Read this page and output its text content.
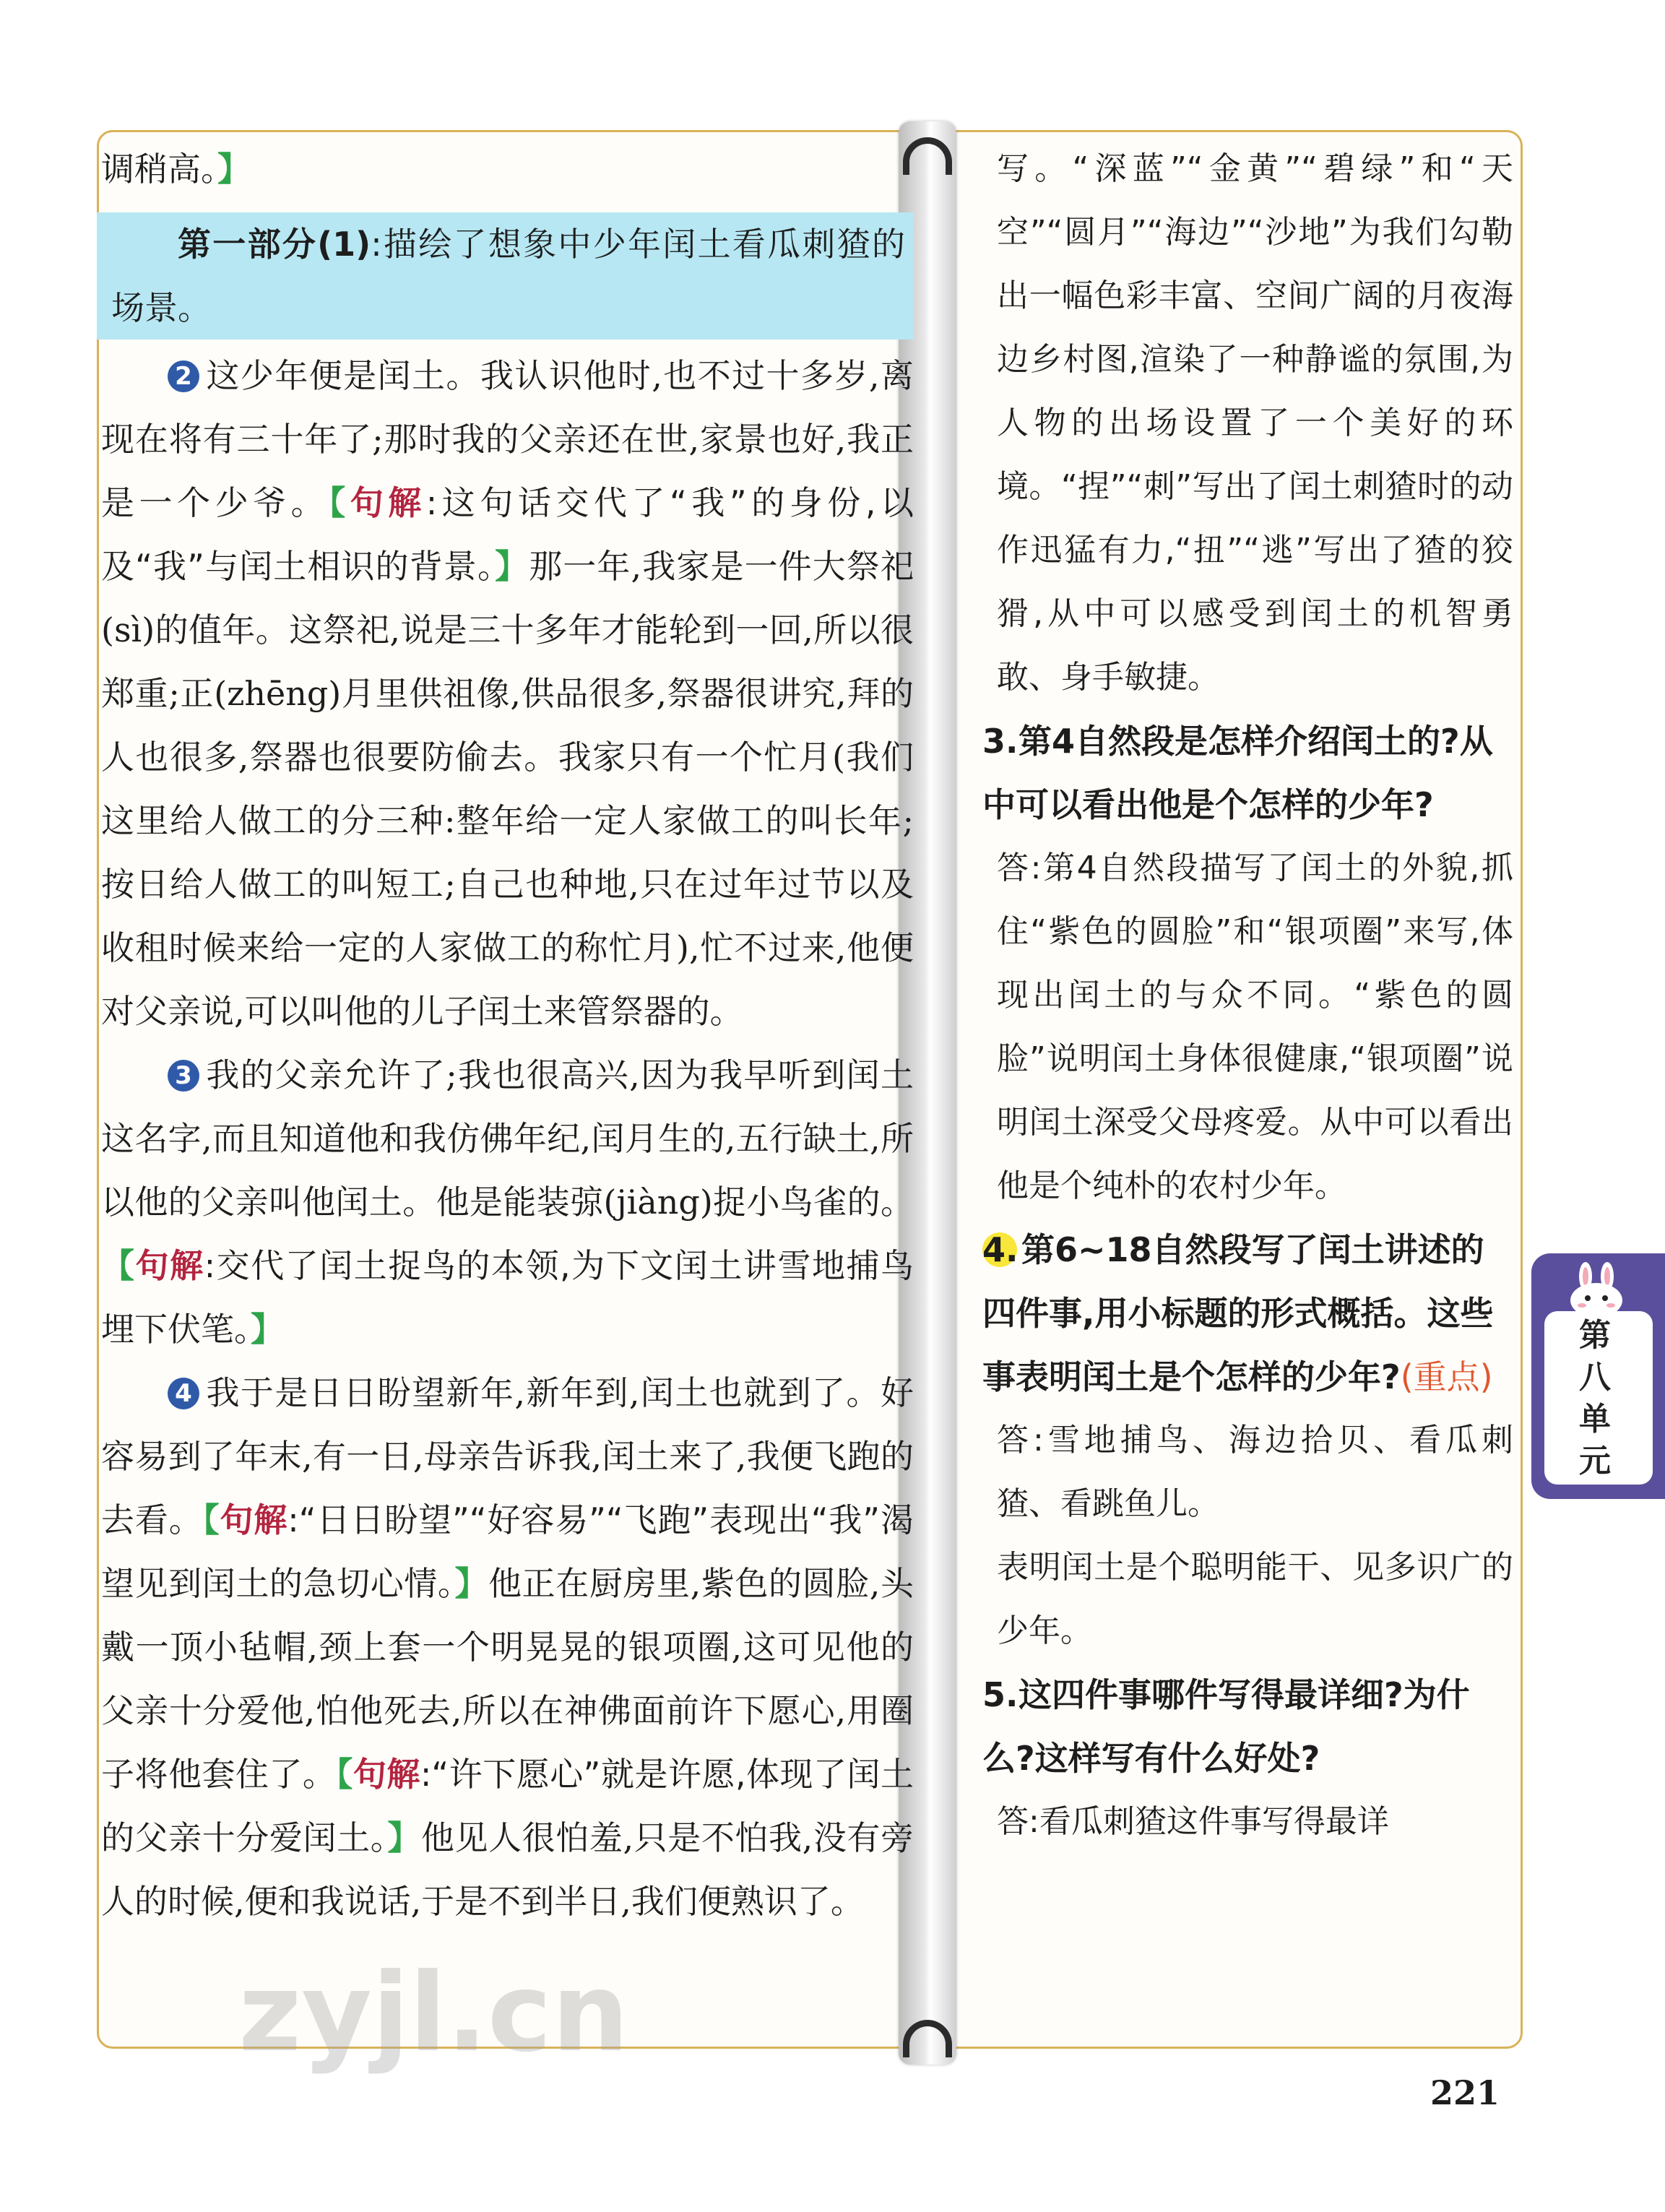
调稍高。】

第一部分(1):描绘了想象中少年闰土看瓜刺猹的场景。

2 这少年便是闰土。我认识他时,也不过十多岁,离现在将有三十年了;那时我的父亲还在世,家景也好,我正是一个少爷。【句解:这句话交代了“我”的身份,以及“我”与闰土相识的背景。】那一年,我家是一件大祭祀(sì)的值年。这祭祀,说是三十多年才能轮到一回,所以很郑重;正(zhēng)月里供祖像,供品很多,祭器很讲究,拜的人也很多,祭器也很要防偷去。我家只有一个忙月(我们这里给人做工的分三种:整年给一定人家做工的叫长年;按日给人做工的叫短工;自己也种地,只在过年过节以及收租时候来给一定的人家做工的称忙月),忙不过来,他便对父亲说,可以叫他的儿子闰土来管祭器的。

3 我的父亲允许了;我也很高兴,因为我早听到闰土这名字,而且知道他和我仿佛年纪,闰月生的,五行缺土,所以他的父亲叫他闰土。他是能装弶(jiàng)捉小鸟雀的。【句解:交代了闰土捉鸟的本领,为下文闰土讲雪地捕鸟埋下伏笔。】

4 我于是日日盼望新年,新年到,闰土也就到了。好容易到了年末,有一日,母亲告诉我,闰土来了,我便飞跑的去看。【句解:“日日盼望”“好容易”“飞跑”表现出“我”渴望见到闰土的急切心情。】他正在厨房里,紫色的圆脸,头戴一顶小毡帽,颈上套一个明晃晃的银项圈,这可见他的父亲十分爱他,怕他死去,所以在神佛面前许下愿心,用圈子将他套住了。【句解:“许下愿心”就是许愿,体现了闰土的父亲十分爱闰土。】他见人很怕羞,只是不怕我,没有旁人的时候,便和我说话,于是不到半日,我们便熟识了。

写。“深蓝”“金黄”“碧绿”和“天空”“圆月”“海边”“沙地”为我们勾勒出一幅色彩丰富、空间广阔的月夜海边乡村图,渲染了一种静谧的氛围,为人物的出场设置了一个美好的环境。“捏”“刺”写出了闰土刺猹时的动作迅猛有力,“扭”“逃”写出了猹的狡猾,从中可以感受到闰土的机智勇敢、身手敏捷。

3.第4自然段是怎样介绍闰土的?从中可以看出他是个怎样的少年?

答:第4自然段描写了闰土的外貌,抓住“紫色的圆脸”和“银项圈”来写,体现出闰土的与众不同。“紫色的圆脸”说明闰土身体很健康,“银项圈”说明闰土深受父母疼爱。从中可以看出他是个纯朴的农村少年。

4.第6~18自然段写了闰土讲述的四件事,用小标题的形式概括。这些事表明闰土是个怎样的少年?(重点)

答:雪地捕鸟、海边拾贝、看瓜刺猹、看跳鱼儿。

表明闰土是个聪明能干、见多识广的少年。

5.这四件事哪件写得最详细?为什么?这样写有什么好处?

答:看瓜刺猹这件事写得最详

第
八
单
元
zyjl.cn
221
